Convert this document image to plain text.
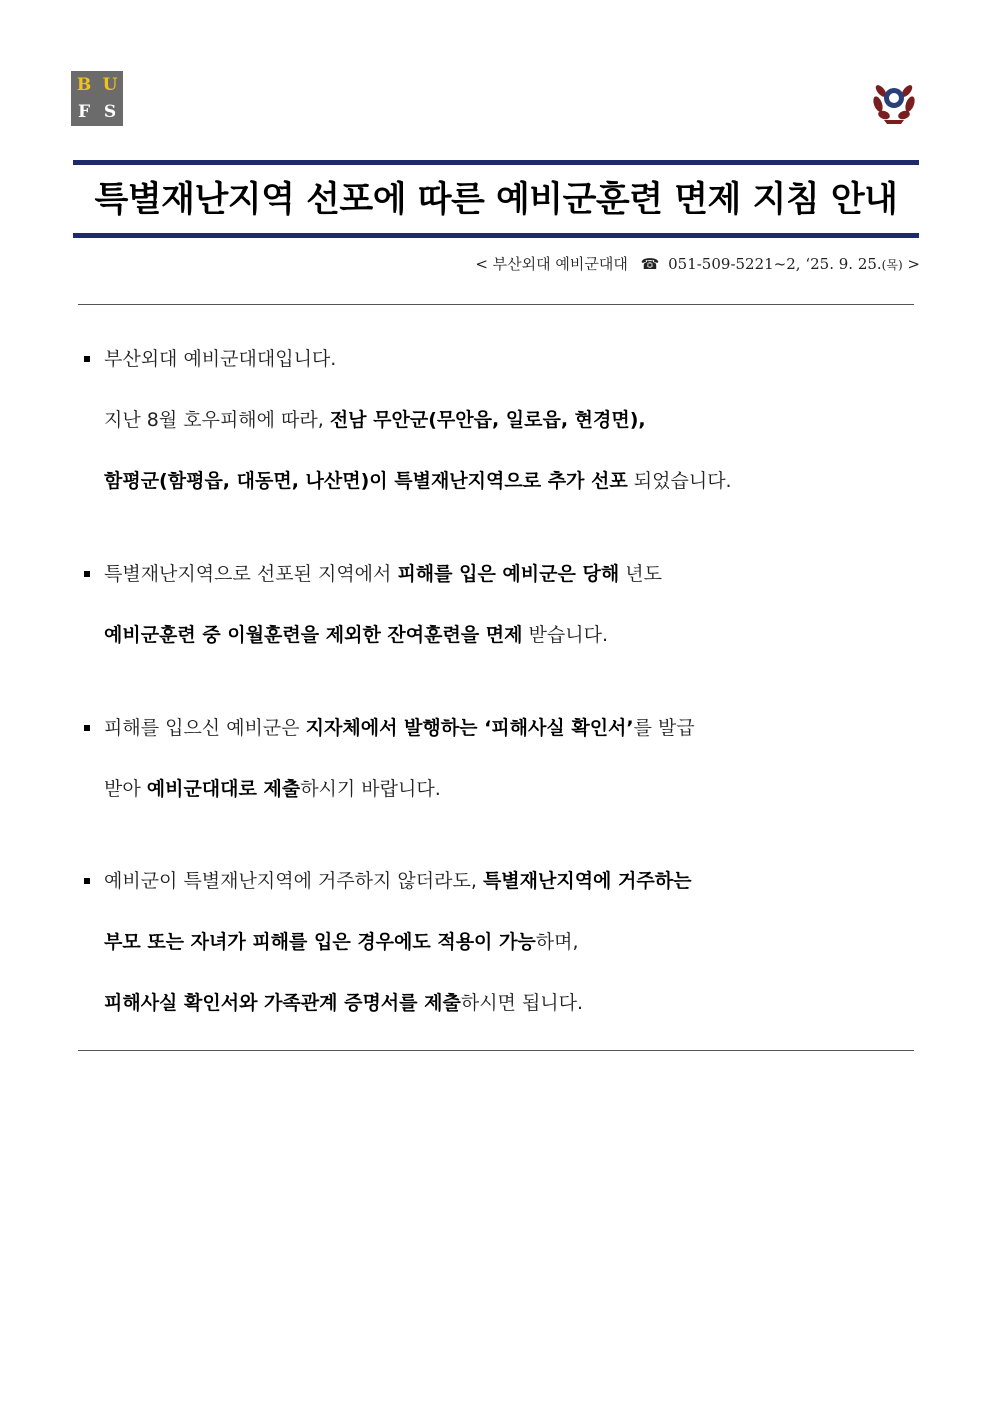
B U
F S
특별재난지역 선포에 따른 예비군훈련 면제 지침 안내
< 부산외대 예비군대대 ☎ 051-509-5221~2, ‘25. 9. 25.(목) >
부산외대 예비군대대입니다.
지난 8월 호우피해에 따라, 전남 무안군(무안읍, 일로읍, 현경면),
함평군(함평읍, 대동면, 나산면)이 특별재난지역으로 추가 선포 되었습니다.
특별재난지역으로 선포된 지역에서 피해를 입은 예비군은 당해 년도
예비군훈련 중 이월훈련을 제외한 잔여훈련을 면제 받습니다.
피해를 입으신 예비군은 지자체에서 발행하는 ‘피해사실 확인서’를 발급
받아 예비군대대로 제출하시기 바랍니다.
예비군이 특별재난지역에 거주하지 않더라도, 특별재난지역에 거주하는
부모 또는 자녀가 피해를 입은 경우에도 적용이 가능하며,
피해사실 확인서와 가족관계 증명서를 제출하시면 됩니다.
